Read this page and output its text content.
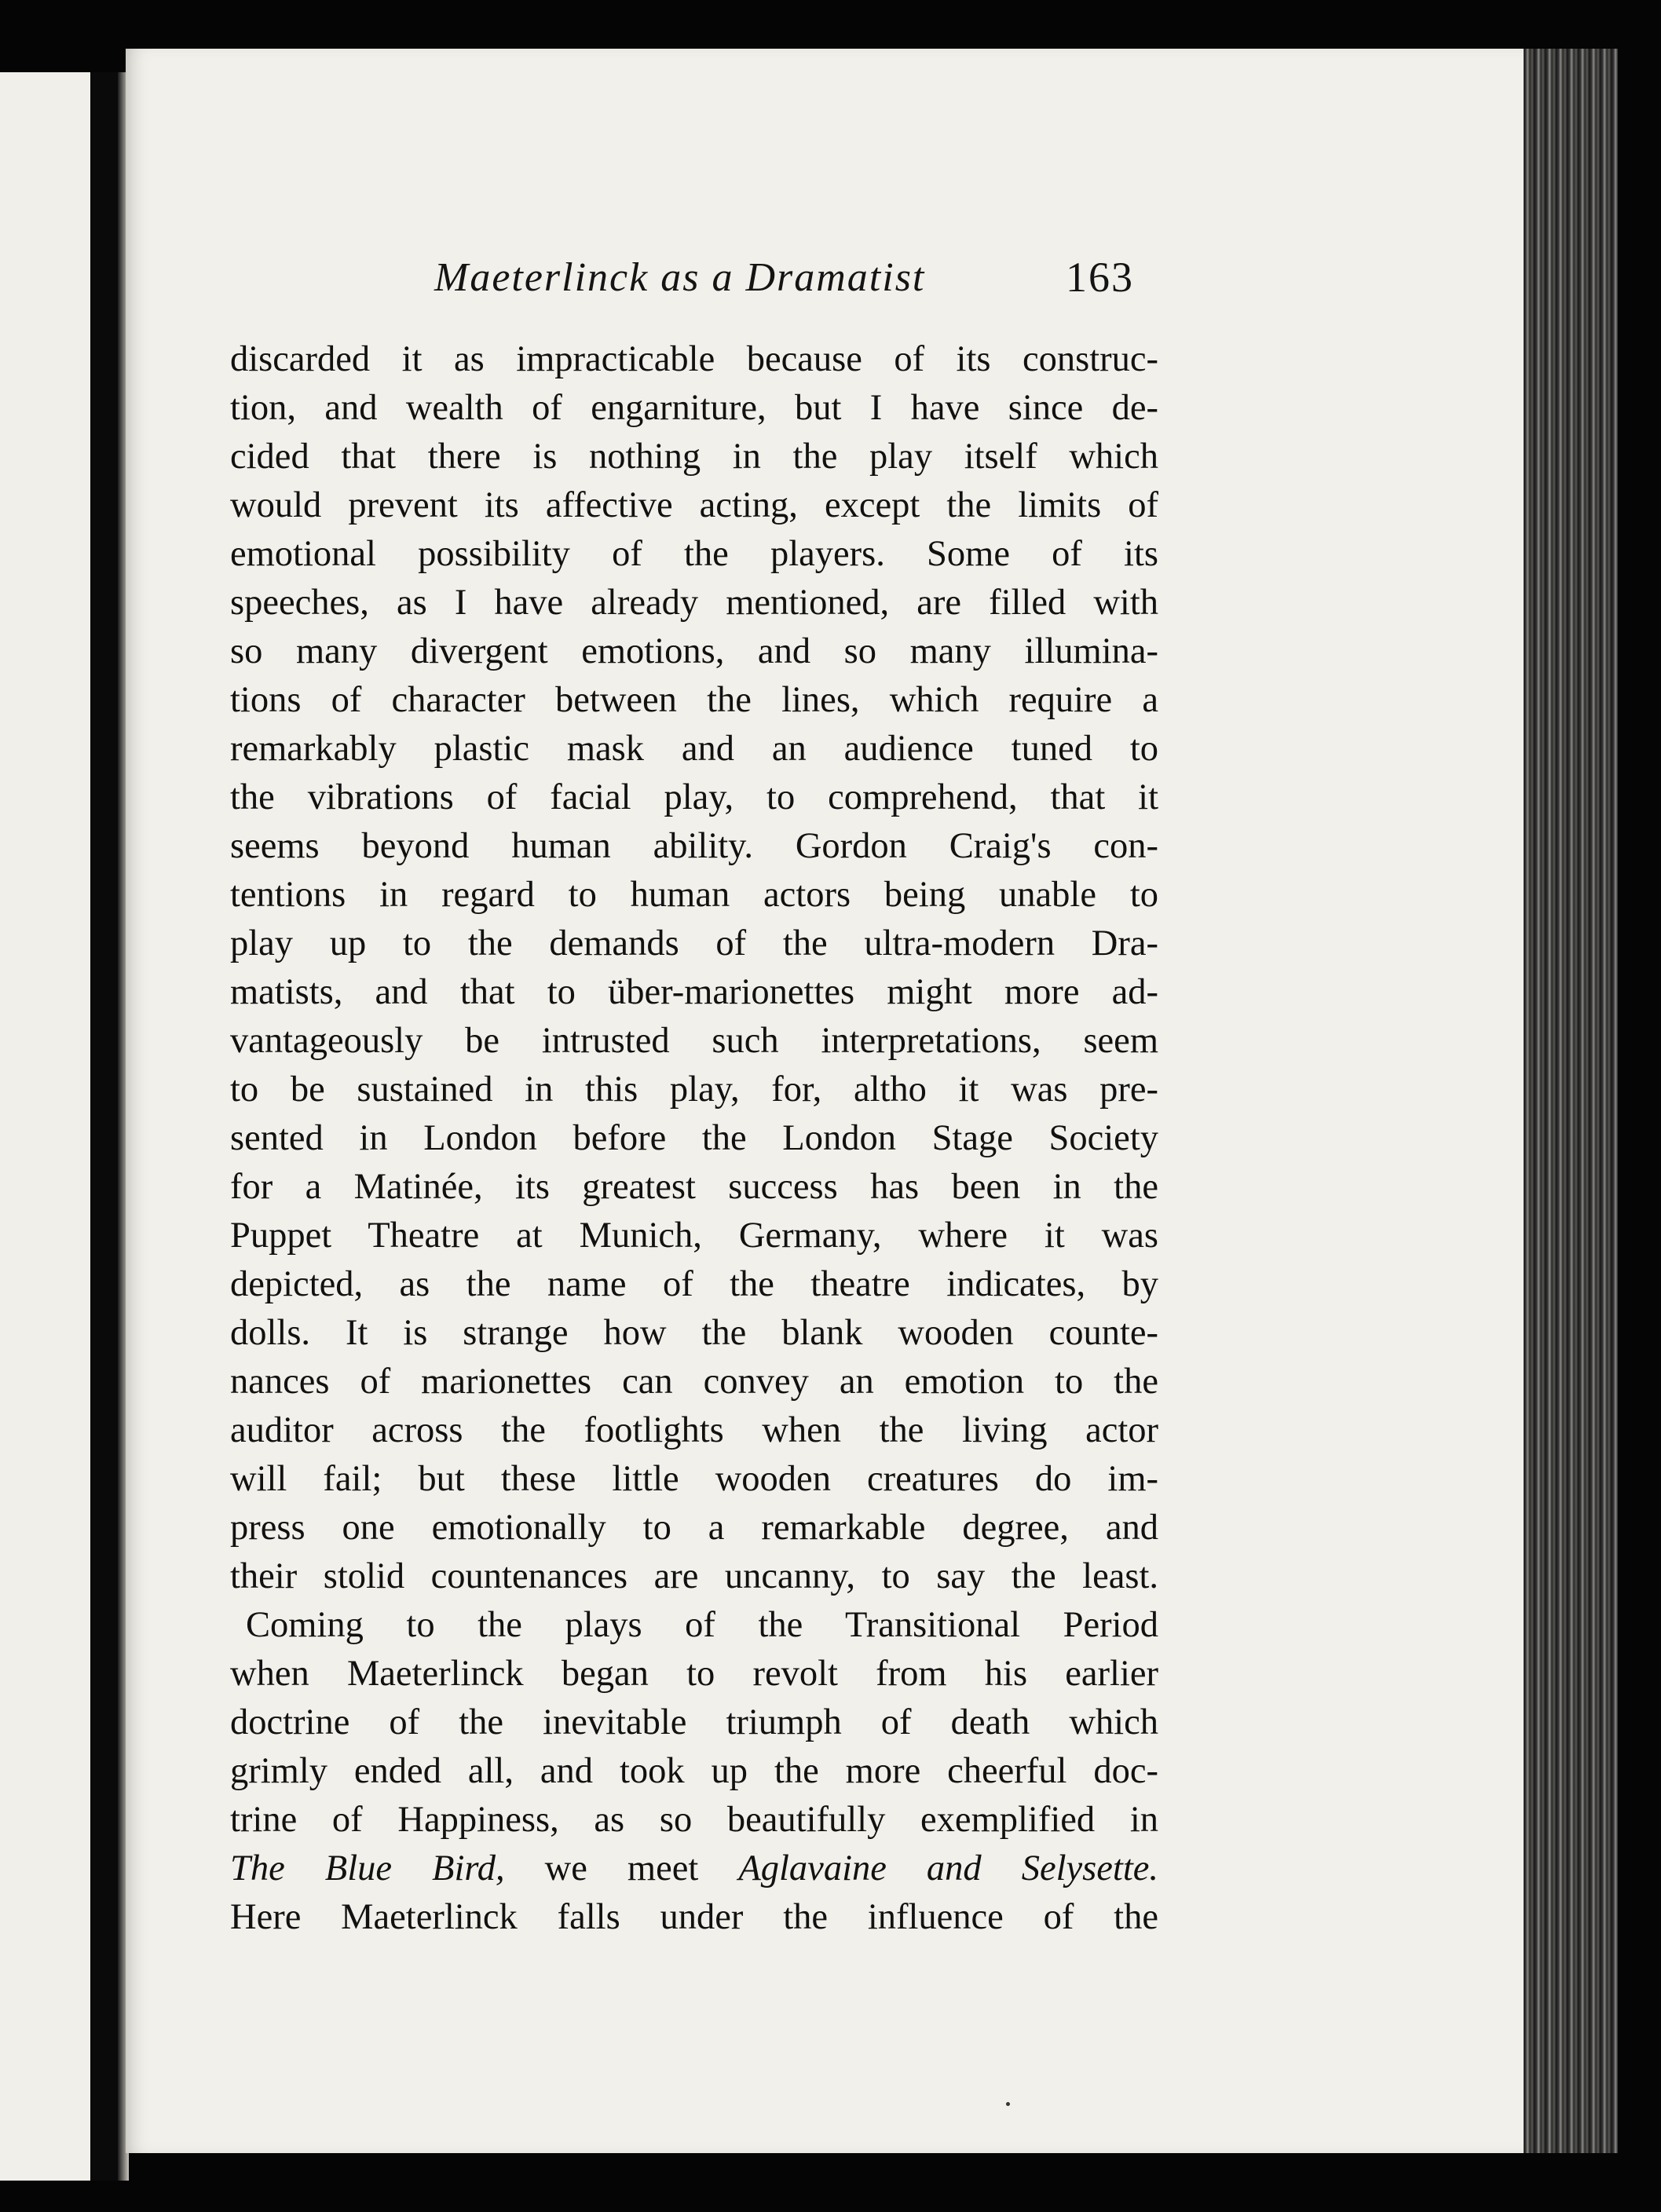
Maeterlinck as a Dramatist	163
discarded it as impracticable because of its construc-
tion, and wealth of engarniture, but I have since de-
cided that there is nothing in the play itself which
would prevent its affective acting, except the limits of
emotional possibility of the players. Some of its
speeches, as I have already mentioned, are filled with
so many divergent emotions, and so many illumina-
tions of character between the lines, which require a
remarkably plastic mask and an audience tuned to
the vibrations of facial play, to comprehend, that it
seems beyond human ability. Gordon Craig's con-
tentions in regard to human actors being unable to
play up to the demands of the ultra-modern Dra-
matists, and that to über-marionettes might more ad-
vantageously be intrusted such interpretations, seem
to be sustained in this play, for, altho it was pre-
sented in London before the London Stage Society
for a Matinée, its greatest success has been in the
Puppet Theatre at Munich, Germany, where it was
depicted, as the name of the theatre indicates, by
dolls. It is strange how the blank wooden counte-
nances of marionettes can convey an emotion to the
auditor across the footlights when the living actor
will fail; but these little wooden creatures do im-
press one emotionally to a remarkable degree, and
their stolid countenances are uncanny, to say the least.
Coming to the plays of the Transitional Period
when Maeterlinck began to revolt from his earlier
doctrine of the inevitable triumph of death which
grimly ended all, and took up the more cheerful doc-
trine of Happiness, as so beautifully exemplified in
The Blue Bird, we meet Aglavaine and Selysette.
Here Maeterlinck falls under the influence of the
